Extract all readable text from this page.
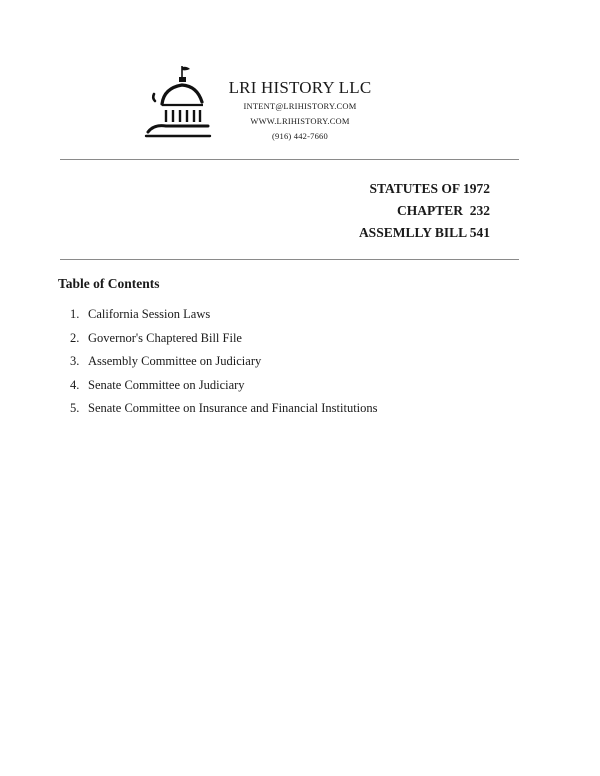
LRI HISTORY LLC
INTENT@LRIHISTORY.COM
WWW.LRIHISTORY.COM
(916) 442-7660
STATUTES OF 1972
CHAPTER  232
ASSEMLLY BILL 541
Table of Contents
1. California Session Laws
2. Governor's Chaptered Bill File
3. Assembly Committee on Judiciary
4. Senate Committee on Judiciary
5. Senate Committee on Insurance and Financial Institutions
